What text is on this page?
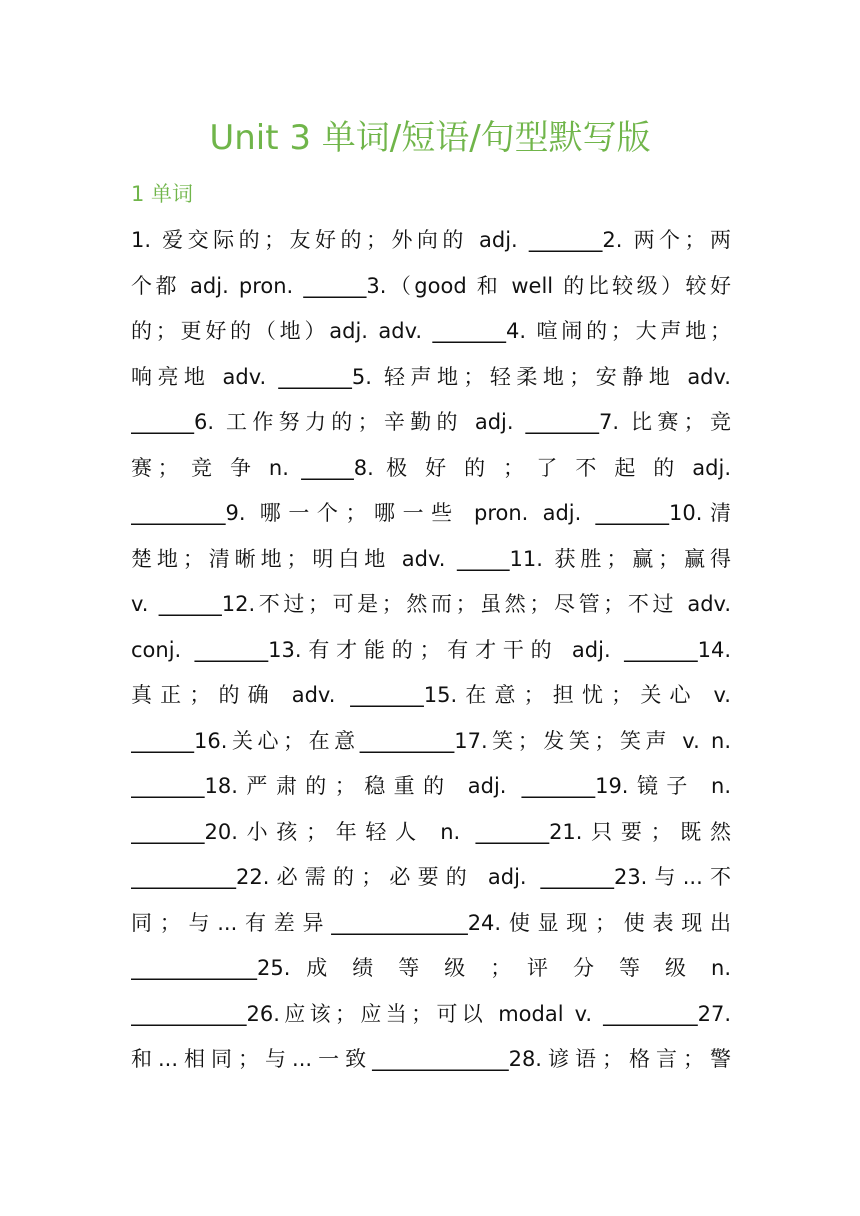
Unit 3 单词/短语/句型默写版
1 单词
1. 爱交际的；友好的；外向的 adj. _______2. 两个；两
个都 adj. pron. ______3.（good 和 well 的比较级）较好
的；更好的（地）adj. adv. _______4. 喧闹的；大声地；
响亮地 adv. _______5. 轻声地；轻柔地；安静地 adv.
______6. 工作努力的；辛勤的 adj. _______7. 比赛；竞
赛； 竞 争 n. _____8. 极 好 的 ； 了 不 起 的 adj.
_________9. 哪一个；哪一些 pron. adj. _______10.清
楚地；清晰地；明白地 adv. _____11. 获胜；赢；赢得
v. ______12.不过；可是；然而；虽然；尽管；不过 adv.
conj. _______13.有才能的；有才干的 adj. _______14.
真正；的确 adv. _______15.在意；担忧；关心 v.
______16.关心；在意_________17.笑；发笑；笑声 v. n.
_______18.严肃的；稳重的 adj. _______19.镜子 n.
_______20.小孩；年轻人 n. _______21.只要；既然
__________22.必需的；必要的 adj. _______23.与...不
同；与...有差异_____________24.使显现；使表现出
____________25. 成 绩 等 级 ； 评 分 等 级 n.
___________26.应该；应当；可以 modal v. _________27.
和...相同；与...一致_____________28.谚语；格言；警
